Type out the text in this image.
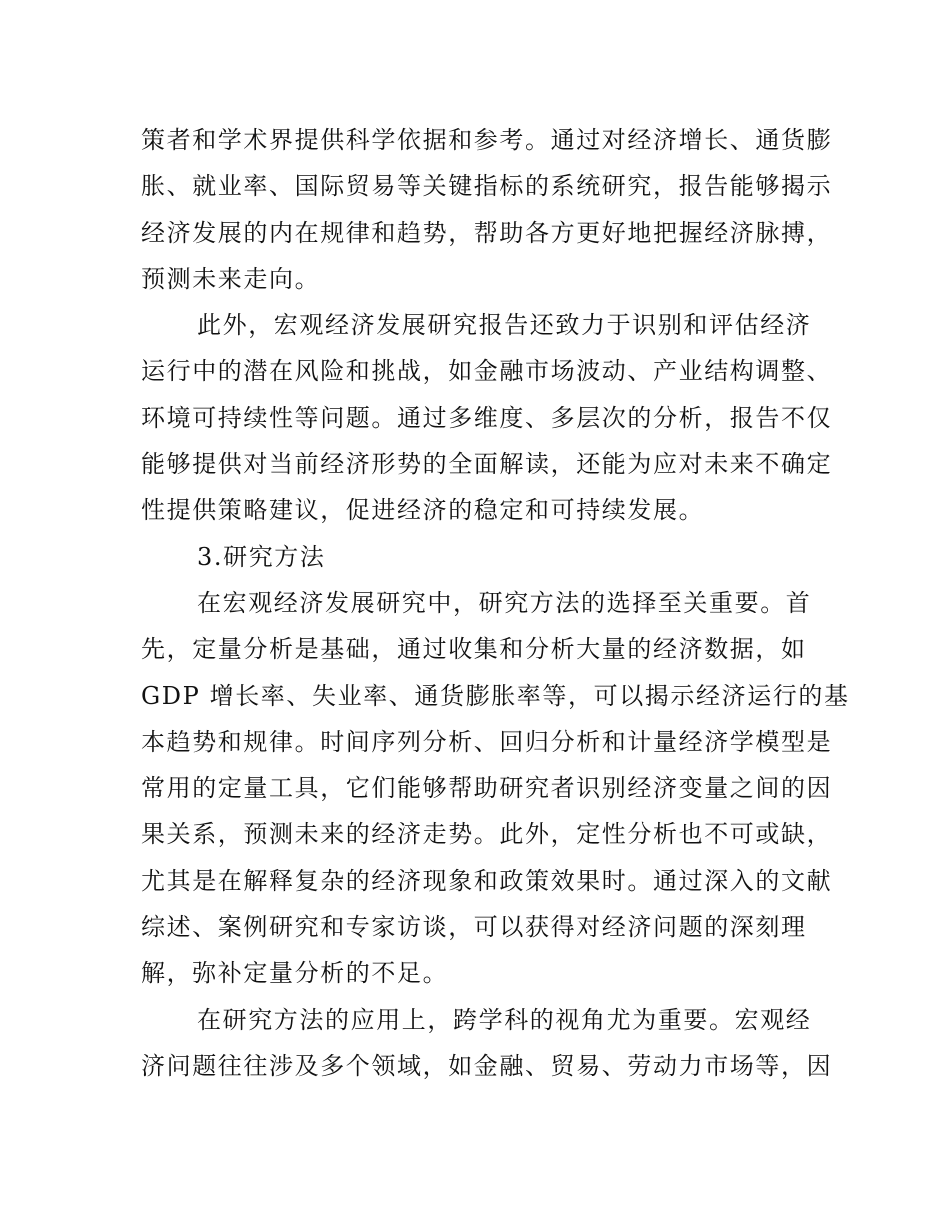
策者和学术界提供科学依据和参考。通过对经济增长、通货膨
胀、就业率、国际贸易等关键指标的系统研究，报告能够揭示
经济发展的内在规律和趋势，帮助各方更好地把握经济脉搏，
预测未来走向。
此外，宏观经济发展研究报告还致力于识别和评估经济
运行中的潜在风险和挑战，如金融市场波动、产业结构调整、
环境可持续性等问题。通过多维度、多层次的分析，报告不仅
能够提供对当前经济形势的全面解读，还能为应对未来不确定
性提供策略建议，促进经济的稳定和可持续发展。
3.研究方法
在宏观经济发展研究中，研究方法的选择至关重要。首
先，定量分析是基础，通过收集和分析大量的经济数据，如
GDP 增长率、失业率、通货膨胀率等，可以揭示经济运行的基
本趋势和规律。时间序列分析、回归分析和计量经济学模型是
常用的定量工具，它们能够帮助研究者识别经济变量之间的因
果关系，预测未来的经济走势。此外，定性分析也不可或缺，
尤其是在解释复杂的经济现象和政策效果时。通过深入的文献
综述、案例研究和专家访谈，可以获得对经济问题的深刻理
解，弥补定量分析的不足。
在研究方法的应用上，跨学科的视角尤为重要。宏观经
济问题往往涉及多个领域，如金融、贸易、劳动力市场等，因
